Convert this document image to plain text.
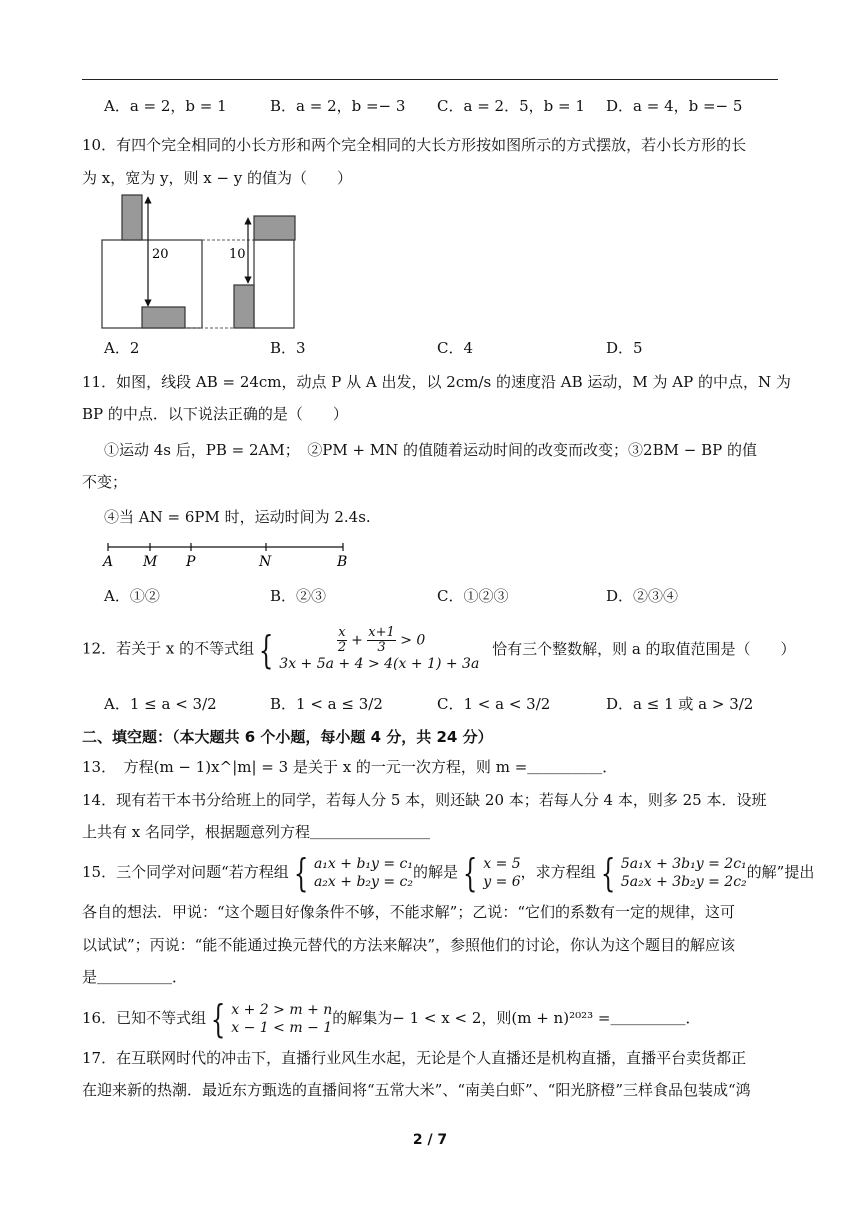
A．a = 2，b = 1	B．a = 2，b =− 3 C．a = 2．5，b = 1 D．a = 4，b =− 5
10．有四个完全相同的小长方形和两个完全相同的大长方形按如图所示的方式摆放，若小长方形的长
为 x，宽为 y，则 x − y 的值为（　　）
20	10
A．2	B．3	C．4	D．5
11．如图，线段 AB = 24cm，动点 P 从 A 出发，以 2cm/s 的速度沿 AB 运动，M 为 AP 的中点，N 为
BP 的中点．以下说法正确的是（　　）
①运动 4s 后，PB = 2AM；　②PM + MN 的值随着运动时间的改变而改变；③2BM − BP 的值
不变；
④当 AN = 6PM 时，运动时间为 2.4s.
A M P	N	B
A．①②	B．②③	C．①②③	D．②③④
12．若关于 x 的不等式组 {	$\frac{x}{2} + \frac{x+1}{3} > 0$
3x + 5a + 4 > 4(x + 1) + 3a
恰有三个整数解，则 a 的取值范围是（　　）
A．1 ≤ a < 3/2	B．1 < a ≤ 3/2	C．1 < a < 3/2	D．a ≤ 1 或 a > 3/2
二、填空题：（本大题共 6 个小题，每小题 4 分，共 24 分）
13．　方程(m − 1)x^|m| = 3 是关于 x 的一元一次方程，则 m =＿＿＿＿＿．
14．现有若干本书分给班上的同学，若每人分 5 本，则还缺 20 本；若每人分 4 本，则多 25 本．设班
上共有 x 名同学，根据题意列方程＿＿＿＿＿＿＿＿
15．三个同学对问题“若方程组 { a₁x + b₁y = c₁
a₂x + b₂y = c₂
的解是 { x = 5
y = 6
，求方程组 { 5a₁x + 3b₁y = 2c₁
5a₂x + 3b₂y = 2c₂
的解”提出
各自的想法．甲说：“这个题目好像条件不够，不能求解”；乙说：“它们的系数有一定的规律，这可
以试试”；丙说：“能不能通过换元替代的方法来解决”，参照他们的讨论，你认为这个题目的解应该
是＿＿＿＿＿．
16．已知不等式组 { x + 2 > m + n
x − 1 < m − 1
的解集为− 1 < x < 2，则(m + n)²⁰²³ =＿＿＿＿＿．
17．在互联网时代的冲击下，直播行业风生水起，无论是个人直播还是机构直播，直播平台卖货都正
在迎来新的热潮．最近东方甄选的直播间将“五常大米”、“南美白虾”、“阳光脐橙”三样食品包装成“鸿
2 / 7
